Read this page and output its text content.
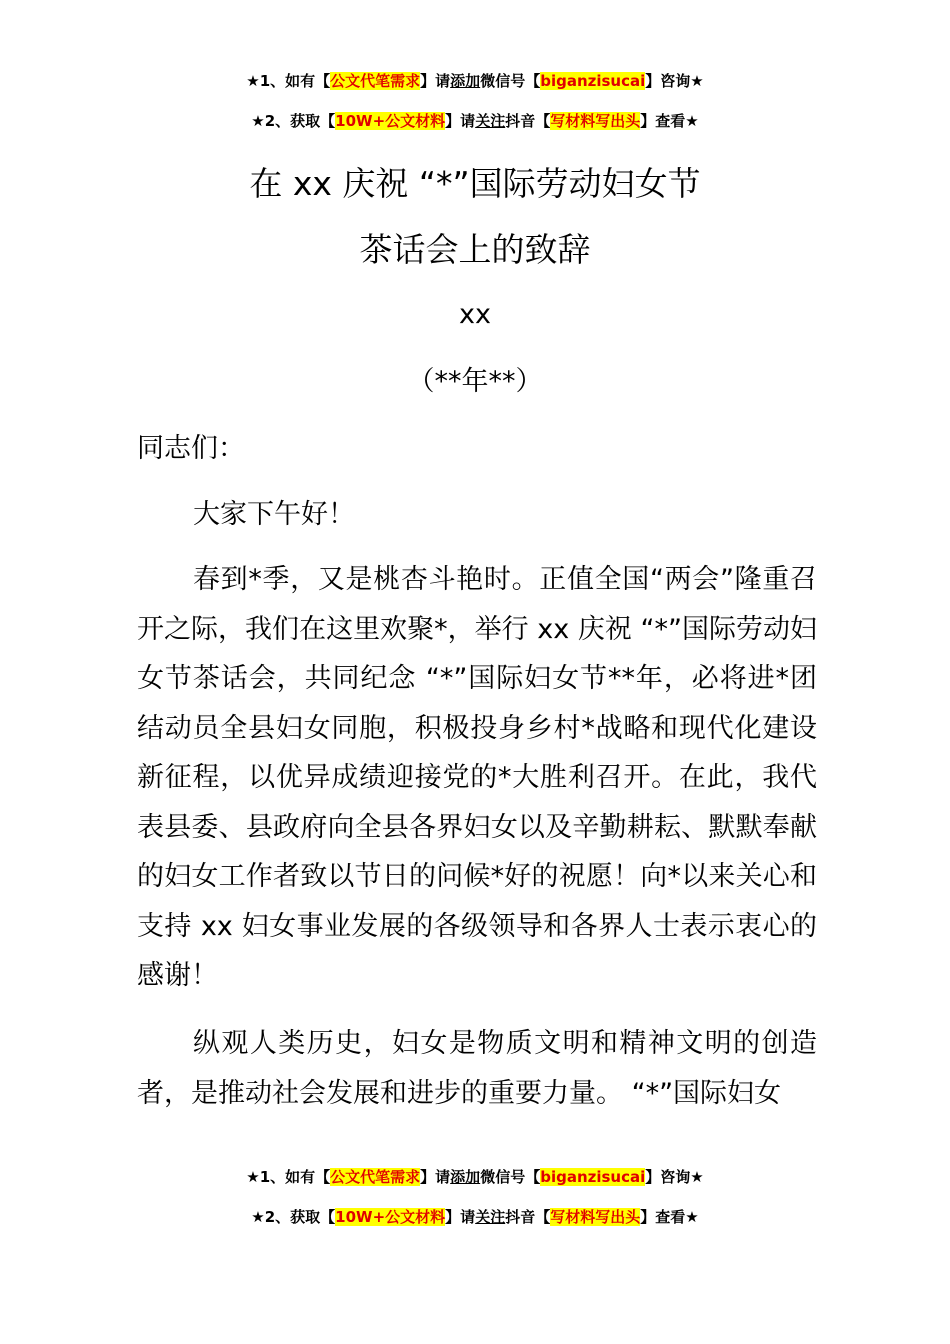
★1、如有【公文代笔需求】请添加微信号【biganzisucai】咨询★
★2、获取【10W+公文材料】请关注抖音【写材料写出头】查看★
在 xx 庆祝 “*”国际劳动妇女节
茶话会上的致辞
xx
（**年**）
同志们：
大家下午好！
春到*季，又是桃杏斗艳时。正值全国“两会”隆重召开之际，我们在这里欢聚*，举行 xx 庆祝 “*”国际劳动妇女节茶话会，共同纪念 “*”国际妇女节**年，必将进*团结动员全县妇女同胞，积极投身乡村*战略和现代化建设新征程，以优异成绩迎接党的*大胜利召开。在此，我代表县委、县政府向全县各界妇女以及辛勤耕耘、默默奉献的妇女工作者致以节日的问候*好的祝愿！向*以来关心和支持 xx 妇女事业发展的各级领导和各界人士表示衷心的感谢！
纵观人类历史，妇女是物质文明和精神文明的创造者，是推动社会发展和进步的重要力量。 “*”国际妇女
★1、如有【公文代笔需求】请添加微信号【biganzisucai】咨询★
★2、获取【10W+公文材料】请关注抖音【写材料写出头】查看★
